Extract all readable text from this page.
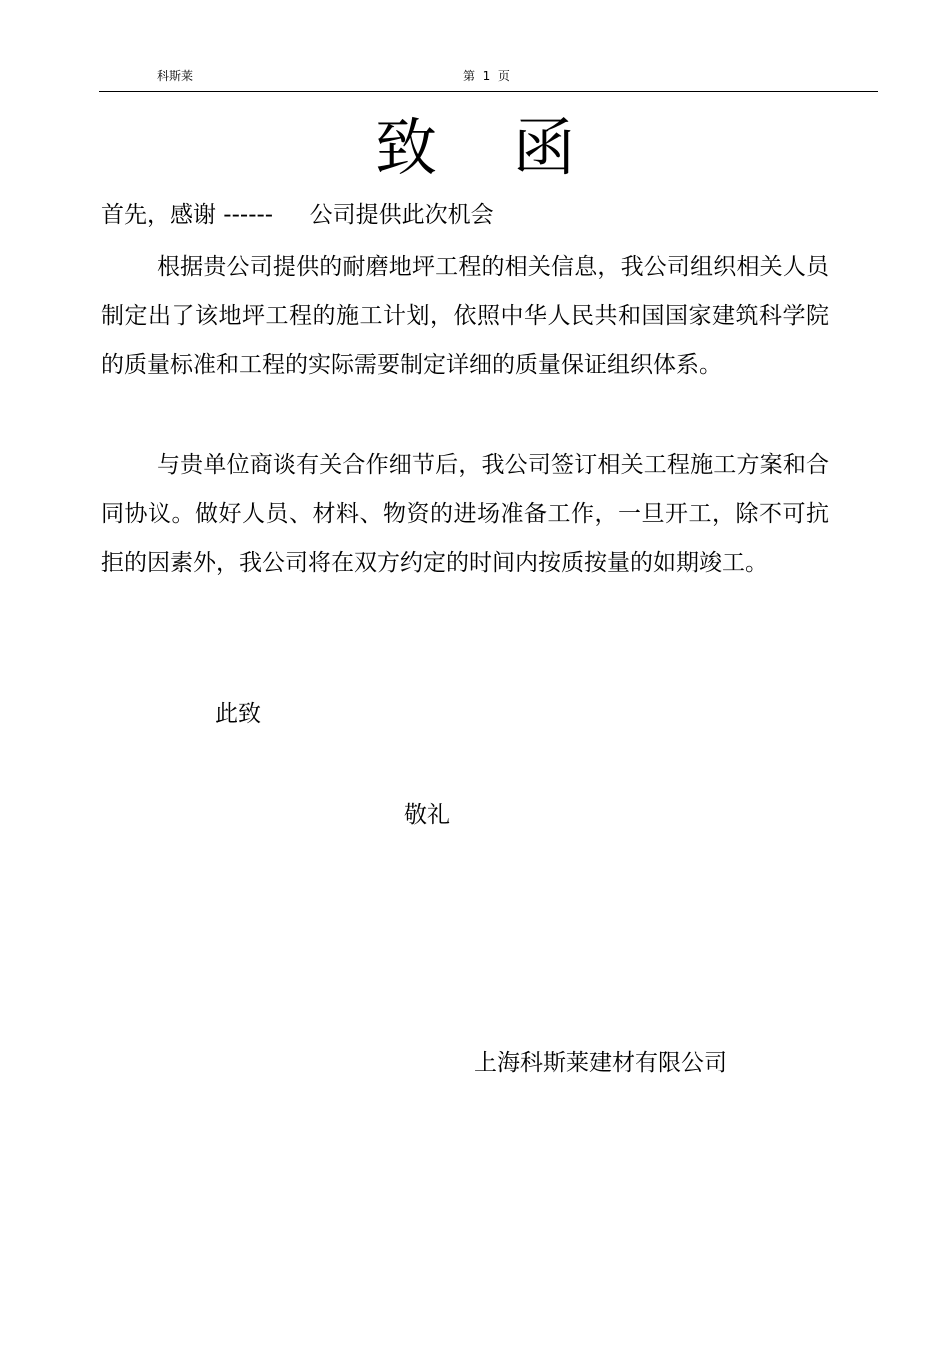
科斯莱	第  1  页
致函
首先，感谢 ------     公司提供此次机会

根据贵公司提供的耐磨地坪工程的相关信息，我公司组织相关人员制定出了该地坪工程的施工计划，依照中华人民共和国国家建筑科学院的质量标准和工程的实际需要制定详细的质量保证组织体系。

与贵单位商谈有关合作细节后，我公司签订相关工程施工方案和合同协议。做好人员、材料、物资的进场准备工作，一旦开工，除不可抗拒的因素外，我公司将在双方约定的时间内按质按量的如期竣工。

此致
敬礼
上海科斯莱建材有限公司
